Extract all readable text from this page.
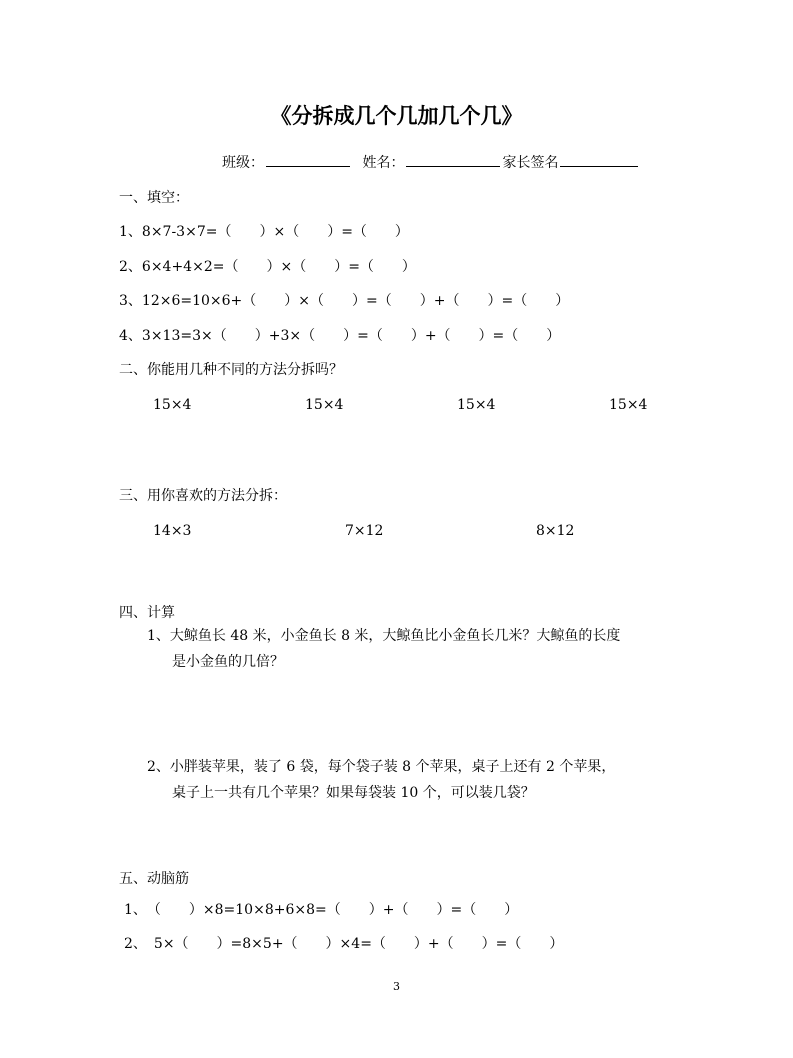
《分拆成几个几加几个几》
班级：	姓名：	家长签名
一、填空：
1、8×7-3×7=（　　）×（　　）=（　　）
2、6×4+4×2=（　　）×（　　）=（　　）
3、12×6=10×6+（　　）×（　　）=（　　）+（　　）=（　　）
4、3×13=3×（　　）+3×（　　）=（　　）+（　　）=（　　）
二、你能用几种不同的方法分拆吗？
15×4	15×4	15×4	15×4
三、用你喜欢的方法分拆：
14×3	7×12	8×12
四、计算
1、大鲸鱼长 48 米，小金鱼长 8 米，大鲸鱼比小金鱼长几米？大鲸鱼的长度
是小金鱼的几倍？
2、小胖装苹果，装了 6 袋，每个袋子装 8 个苹果，桌子上还有 2 个苹果，
桌子上一共有几个苹果？如果每袋装 10 个，可以装几袋？
五、动脑筋
1、　（　　）×8=10×8+6×8=（　　）+（　　）=（　　）
2、　5×（　　）=8×5+（　　）×4=（　　）+（　　）=（　　）
3
